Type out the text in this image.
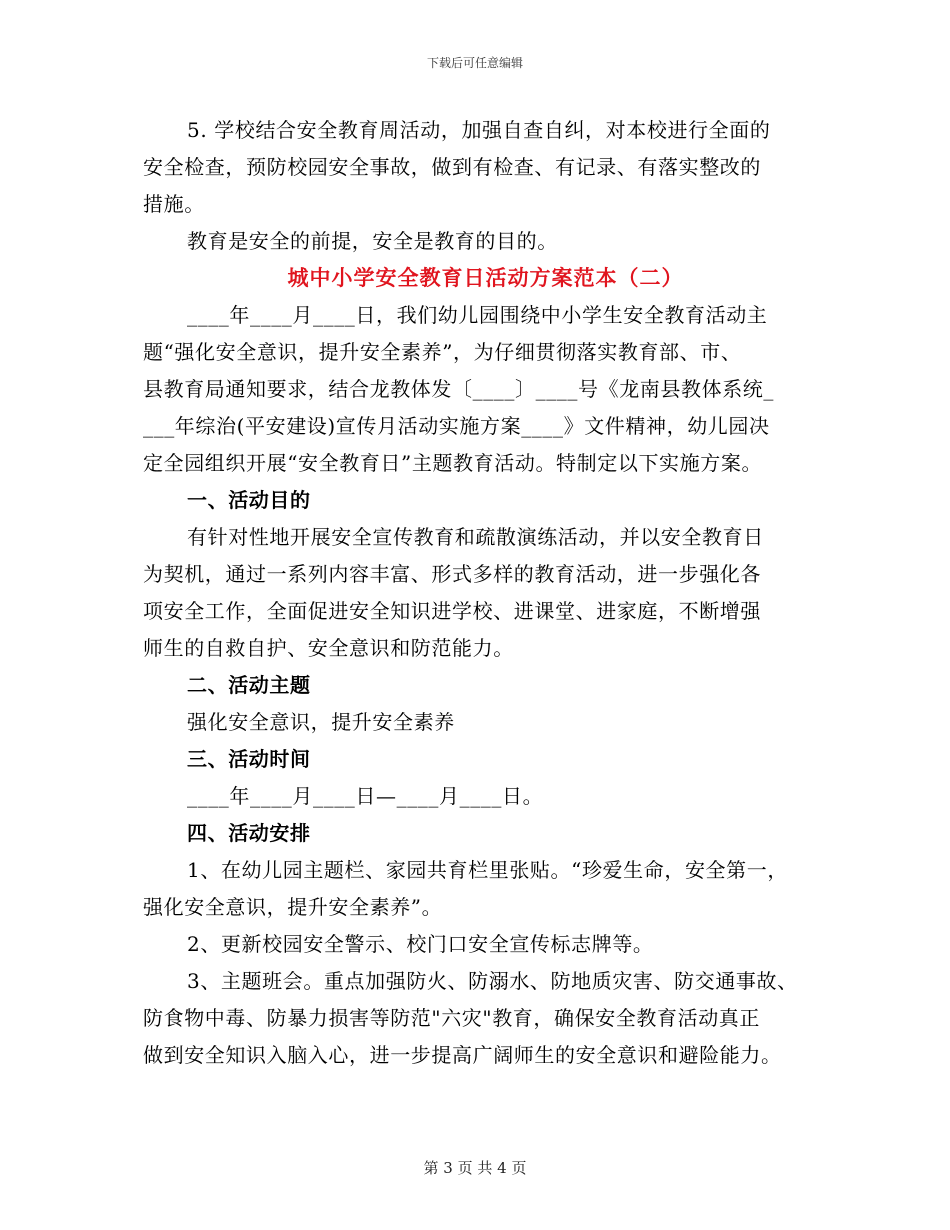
下载后可任意编辑
5. 学校结合安全教育周活动，加强自查自纠，对本校进行全面的
安全检查，预防校园安全事故，做到有检查、有记录、有落实整改的
措施。
教育是安全的前提，安全是教育的目的。
城中小学安全教育日活动方案范本（二）
____年____月____日，我们幼儿园围绕中小学生安全教育活动主
题“强化安全意识，提升安全素养”，为仔细贯彻落实教育部、市、
县教育局通知要求，结合龙教体发〔____〕____号《龙南县教体系统_
___年综治(平安建设)宣传月活动实施方案____》文件精神，幼儿园决
定全园组织开展“安全教育日”主题教育活动。特制定以下实施方案。
一、活动目的
有针对性地开展安全宣传教育和疏散演练活动，并以安全教育日
为契机，通过一系列内容丰富、形式多样的教育活动，进一步强化各
项安全工作，全面促进安全知识进学校、进课堂、进家庭，不断增强
师生的自救自护、安全意识和防范能力。
二、活动主题
强化安全意识，提升安全素养
三、活动时间
____年____月____日—____月____日。
四、活动安排
1、在幼儿园主题栏、家园共育栏里张贴。“珍爱生命，安全第一，
强化安全意识，提升安全素养”。
2、更新校园安全警示、校门口安全宣传标志牌等。
3、主题班会。重点加强防火、防溺水、防地质灾害、防交通事故、
防食物中毒、防暴力损害等防范"六灾"教育，确保安全教育活动真正
做到安全知识入脑入心，进一步提高广阔师生的安全意识和避险能力。
第 3 页 共 4 页
